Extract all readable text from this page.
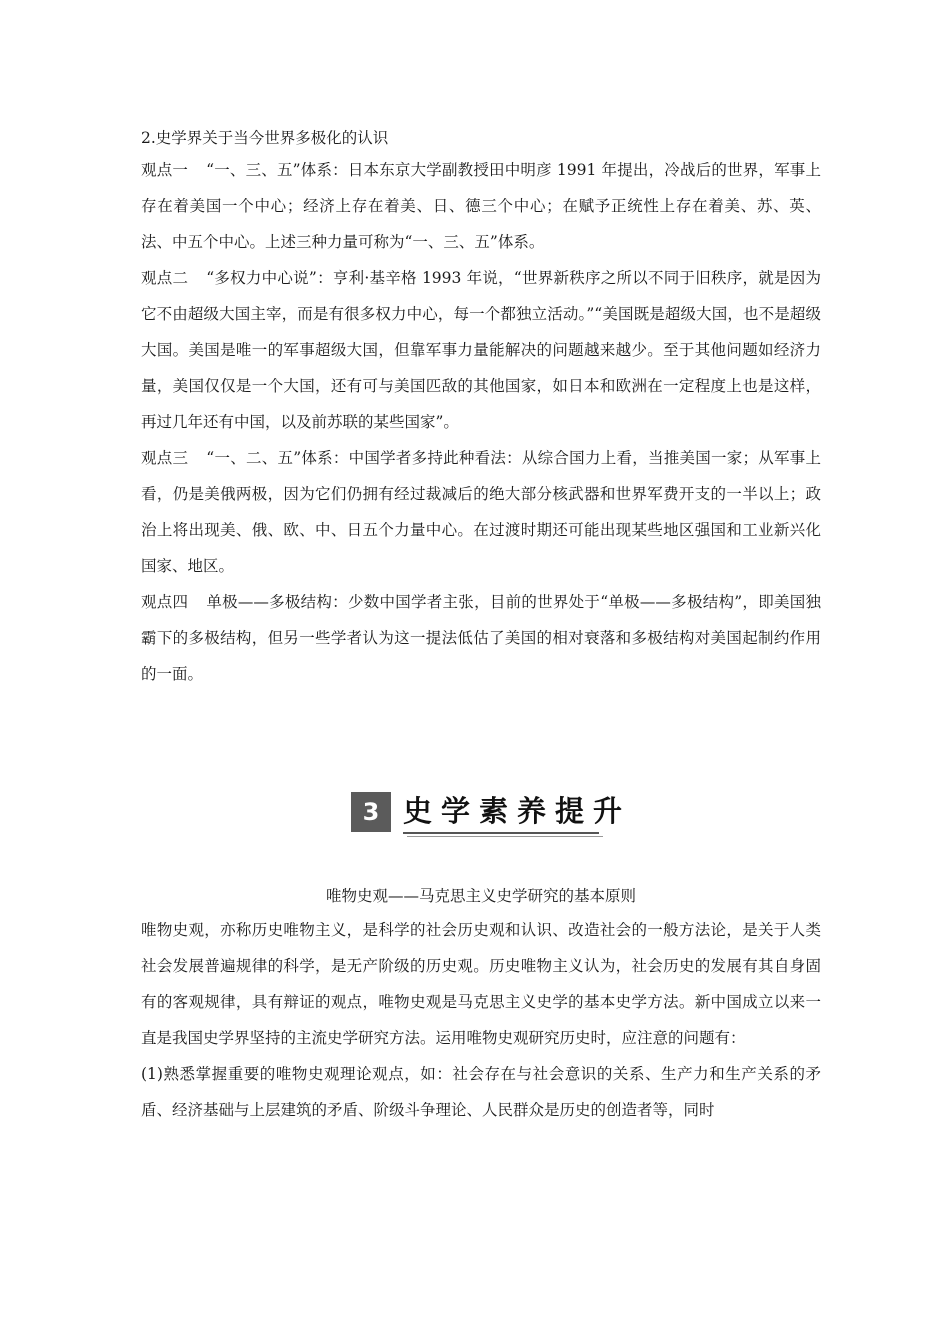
2.史学界关于当今世界多极化的认识

观点一 “一、三、五”体系：日本东京大学副教授田中明彦 1991 年提出，冷战后的世界，军事上存在着美国一个中心；经济上存在着美、日、德三个中心；在赋予正统性上存在着美、苏、英、法、中五个中心。上述三种力量可称为“一、三、五”体系。

观点二 “多权力中心说”：亨利·基辛格 1993 年说，“世界新秩序之所以不同于旧秩序，就是因为它不由超级大国主宰，而是有很多权力中心，每一个都独立活动。”“美国既是超级大国，也不是超级大国。美国是唯一的军事超级大国，但靠军事力量能解决的问题越来越少。至于其他问题如经济力量，美国仅仅是一个大国，还有可与美国匹敌的其他国家，如日本和欧洲在一定程度上也是这样，再过几年还有中国，以及前苏联的某些国家”。

观点三 “一、二、五”体系：中国学者多持此种看法：从综合国力上看，当推美国一家；从军事上看，仍是美俄两极，因为它们仍拥有经过裁减后的绝大部分核武器和世界军费开支的一半以上；政治上将出现美、俄、欧、中、日五个力量中心。在过渡时期还可能出现某些地区强国和工业新兴化国家、地区。

观点四 单极——多极结构：少数中国学者主张，目前的世界处于“单极——多极结构”，即美国独霸下的多极结构，但另一些学者认为这一提法低估了美国的相对衰落和多极结构对美国起制约作用的一面。

3 史学素养提升

唯物史观——马克思主义史学研究的基本原则

唯物史观，亦称历史唯物主义，是科学的社会历史观和认识、改造社会的一般方法论，是关于人类社会发展普遍规律的科学，是无产阶级的历史观。历史唯物主义认为，社会历史的发展有其自身固有的客观规律，具有辩证的观点，唯物史观是马克思主义史学的基本史学方法。新中国成立以来一直是我国史学界坚持的主流史学研究方法。运用唯物史观研究历史时，应注意的问题有：

(1)熟悉掌握重要的唯物史观理论观点，如：社会存在与社会意识的关系、生产力和生产关系的矛盾、经济基础与上层建筑的矛盾、阶级斗争理论、人民群众是历史的创造者等，同时
